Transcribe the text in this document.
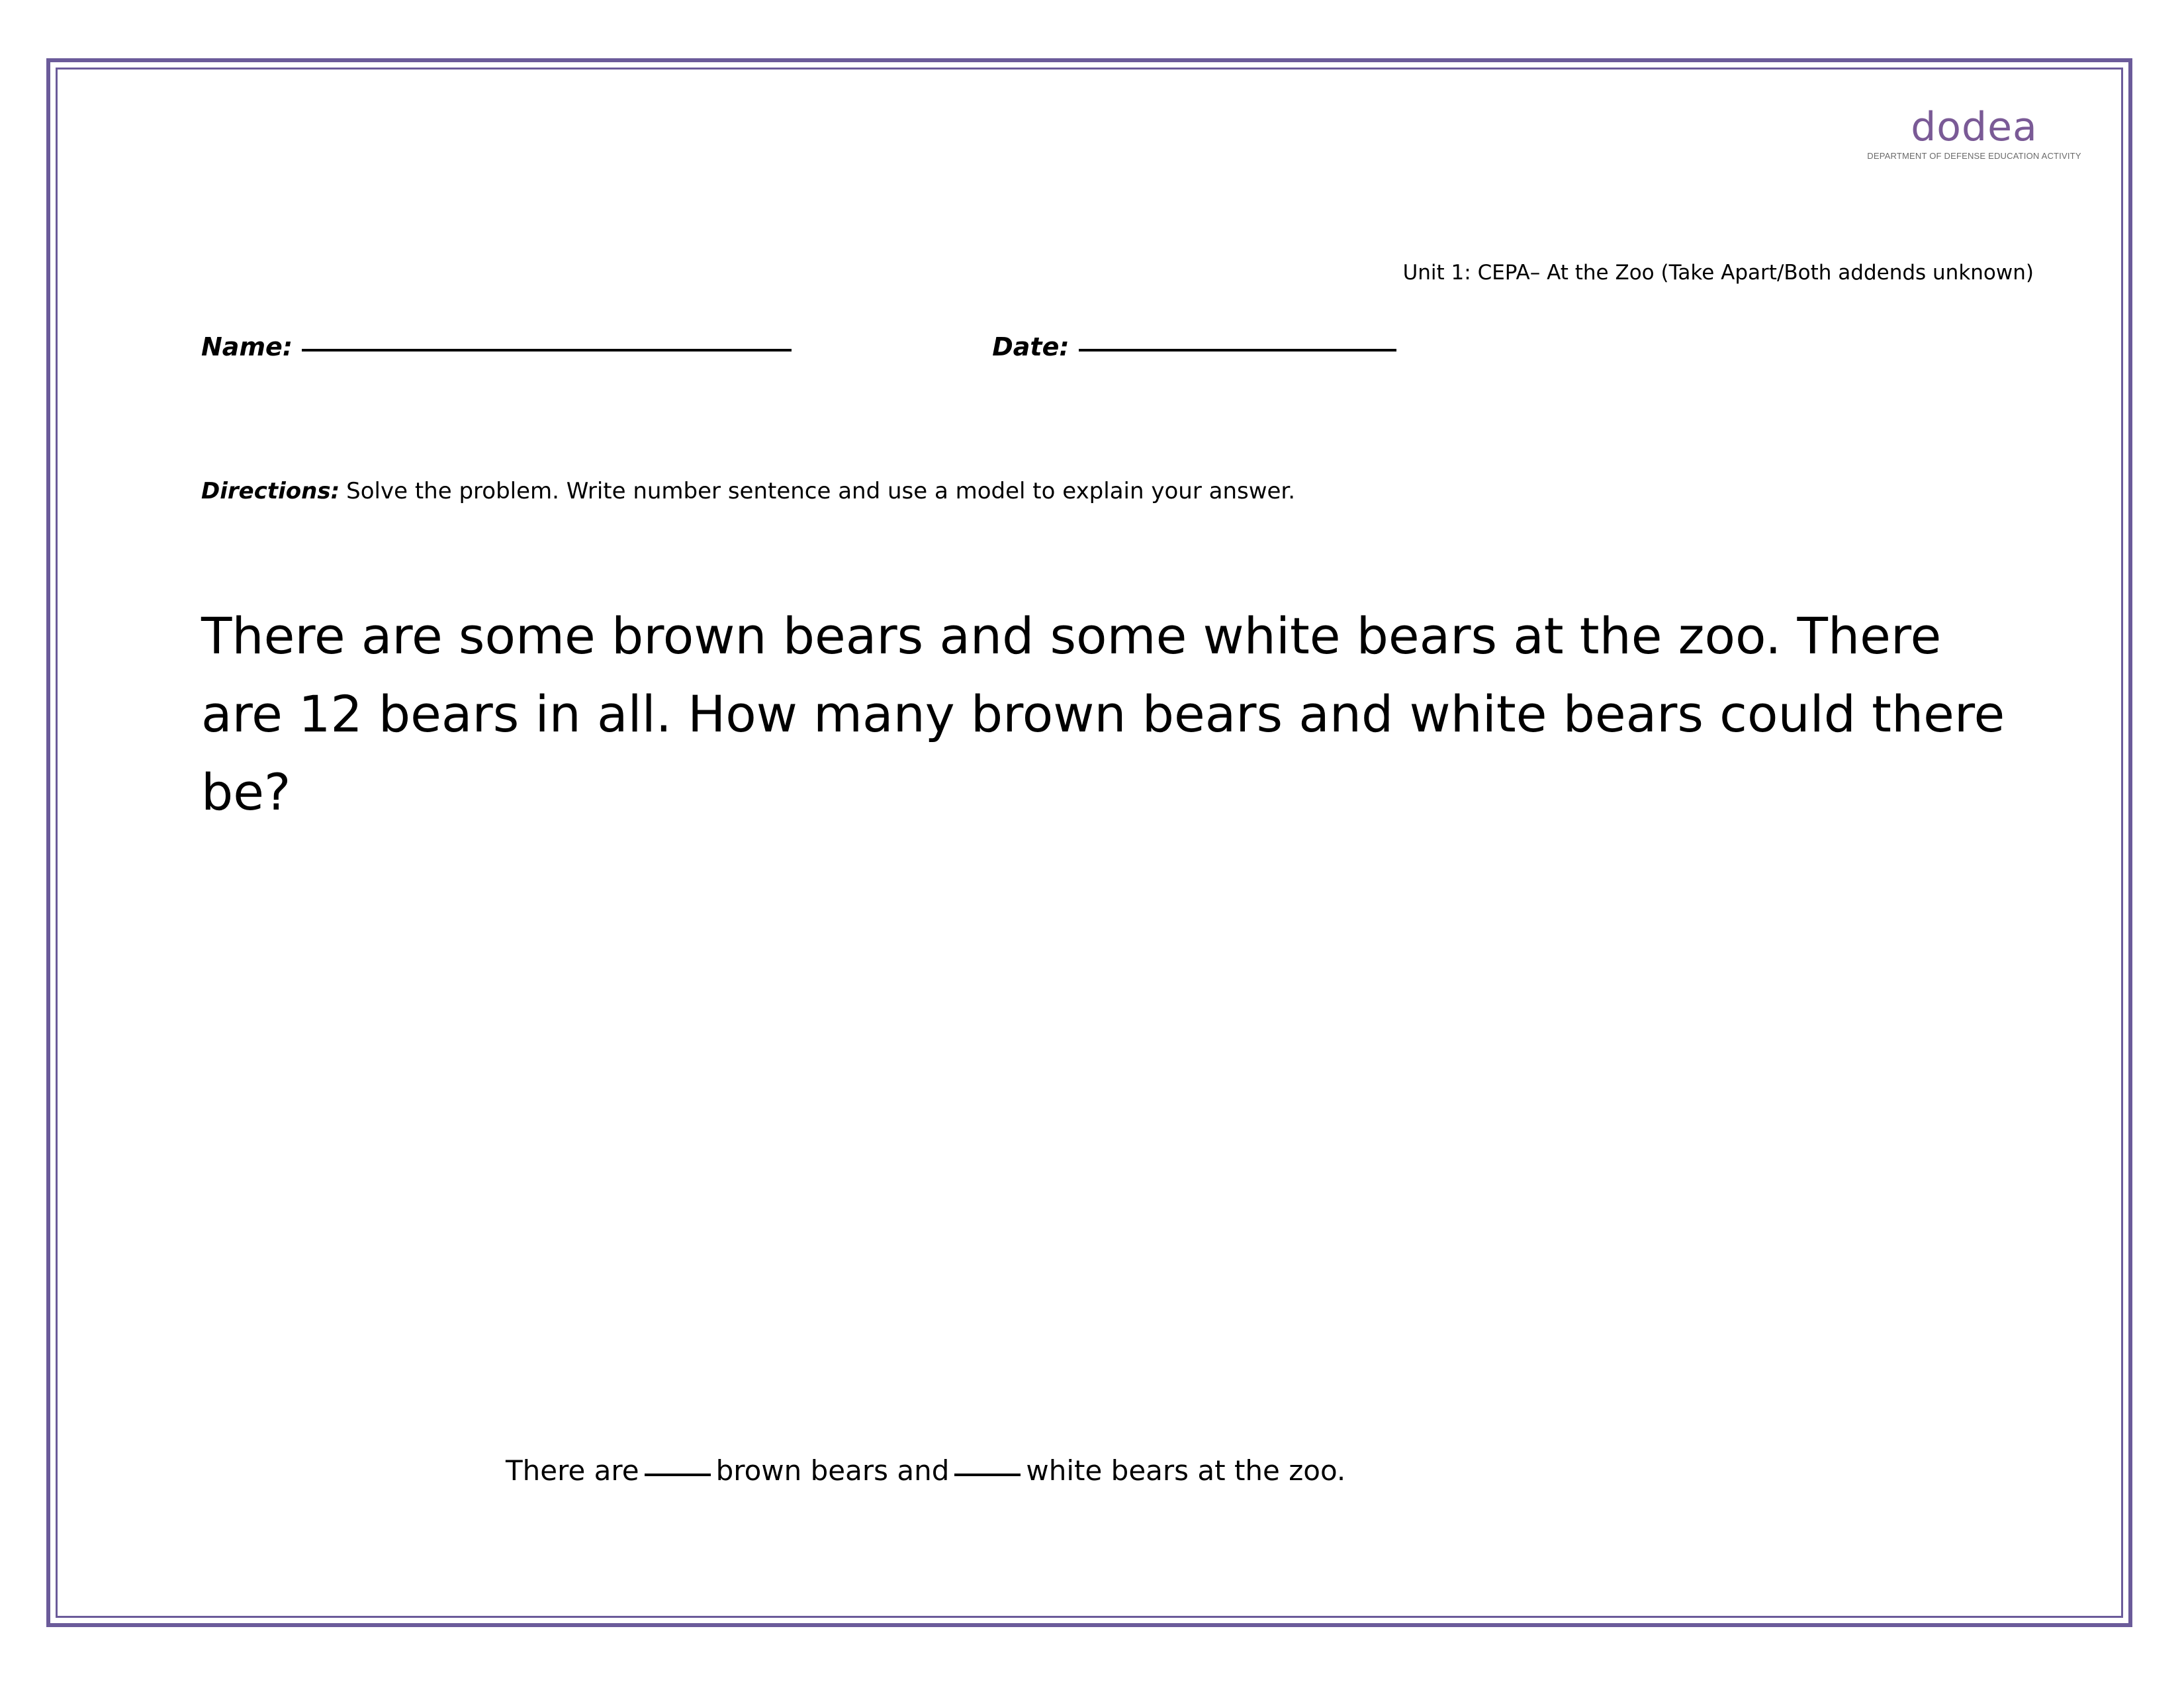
dodea
DEPARTMENT OF DEFENSE EDUCATION ACTIVITY
Unit 1: CEPA– At the Zoo (Take Apart/Both addends unknown)
Name:	Date:
Directions: Solve the problem. Write number sentence and use a model to explain your answer.
There are some brown bears and some white bears at the zoo. There are 12 bears in all. How many brown bears and white bears could there be?
There are	brown bears and	white bears at the zoo.
